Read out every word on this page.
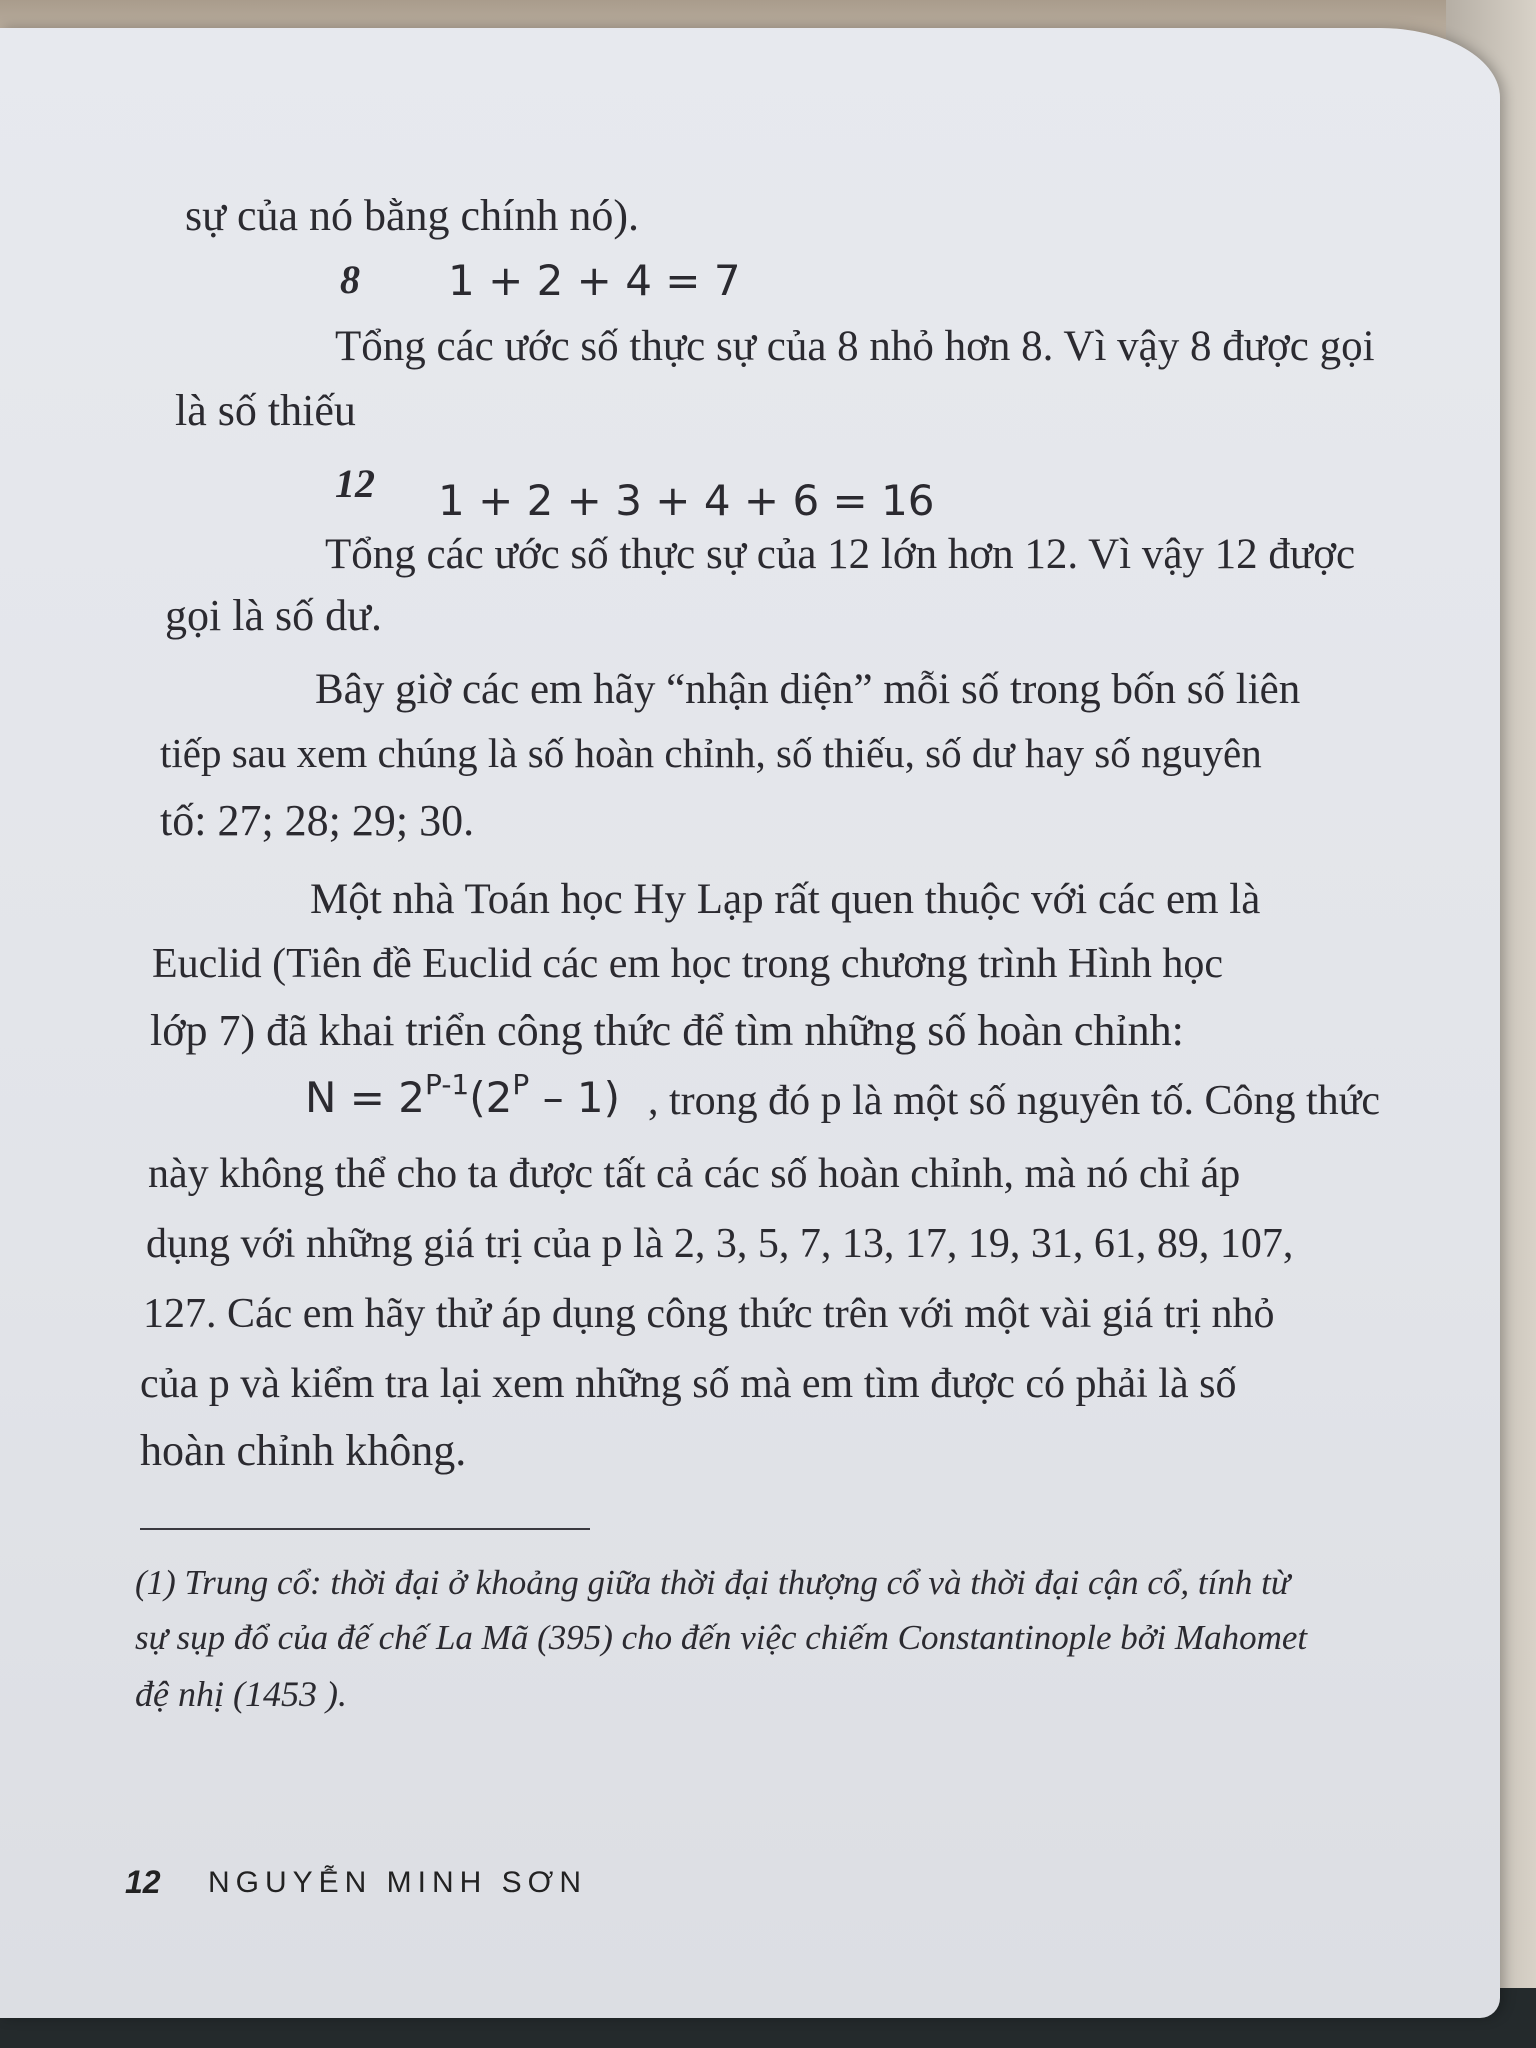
sự của nó bằng chính nó).
8 1 + 2 + 4 = 7
Tổng các ước số thực sự của 8 nhỏ hơn 8. Vì vậy 8 được gọi
là số thiếu
12 1 + 2 + 3 + 4 + 6 = 16
Tổng các ước số thực sự của 12 lớn hơn 12. Vì vậy 12 được
gọi là số dư.
Bây giờ các em hãy “nhận diện” mỗi số trong bốn số liên
tiếp sau xem chúng là số hoàn chỉnh, số thiếu, số dư hay số nguyên
tố: 27; 28; 29; 30.
Một nhà Toán học Hy Lạp rất quen thuộc với các em là
Euclid (Tiên đề Euclid các em học trong chương trình Hình học
lớp 7) đã khai triển công thức để tìm những số hoàn chỉnh:
$N = 2^{P-1}(2^P - 1)$ , trong đó p là một số nguyên tố. Công thức
này không thể cho ta được tất cả các số hoàn chỉnh, mà nó chỉ áp
dụng với những giá trị của p là 2, 3, 5, 7, 13, 17, 19, 31, 61, 89, 107,
127. Các em hãy thử áp dụng công thức trên với một vài giá trị nhỏ
của p và kiểm tra lại xem những số mà em tìm được có phải là số
hoàn chỉnh không.
(1) Trung cổ: thời đại ở khoảng giữa thời đại thượng cổ và thời đại cận cổ, tính từ
sự sụp đổ của đế chế La Mã (395) cho đến việc chiếm Constantinople bởi Mahomet
đệ nhị (1453 ).
12 NGUYỄN MINH SƠN
